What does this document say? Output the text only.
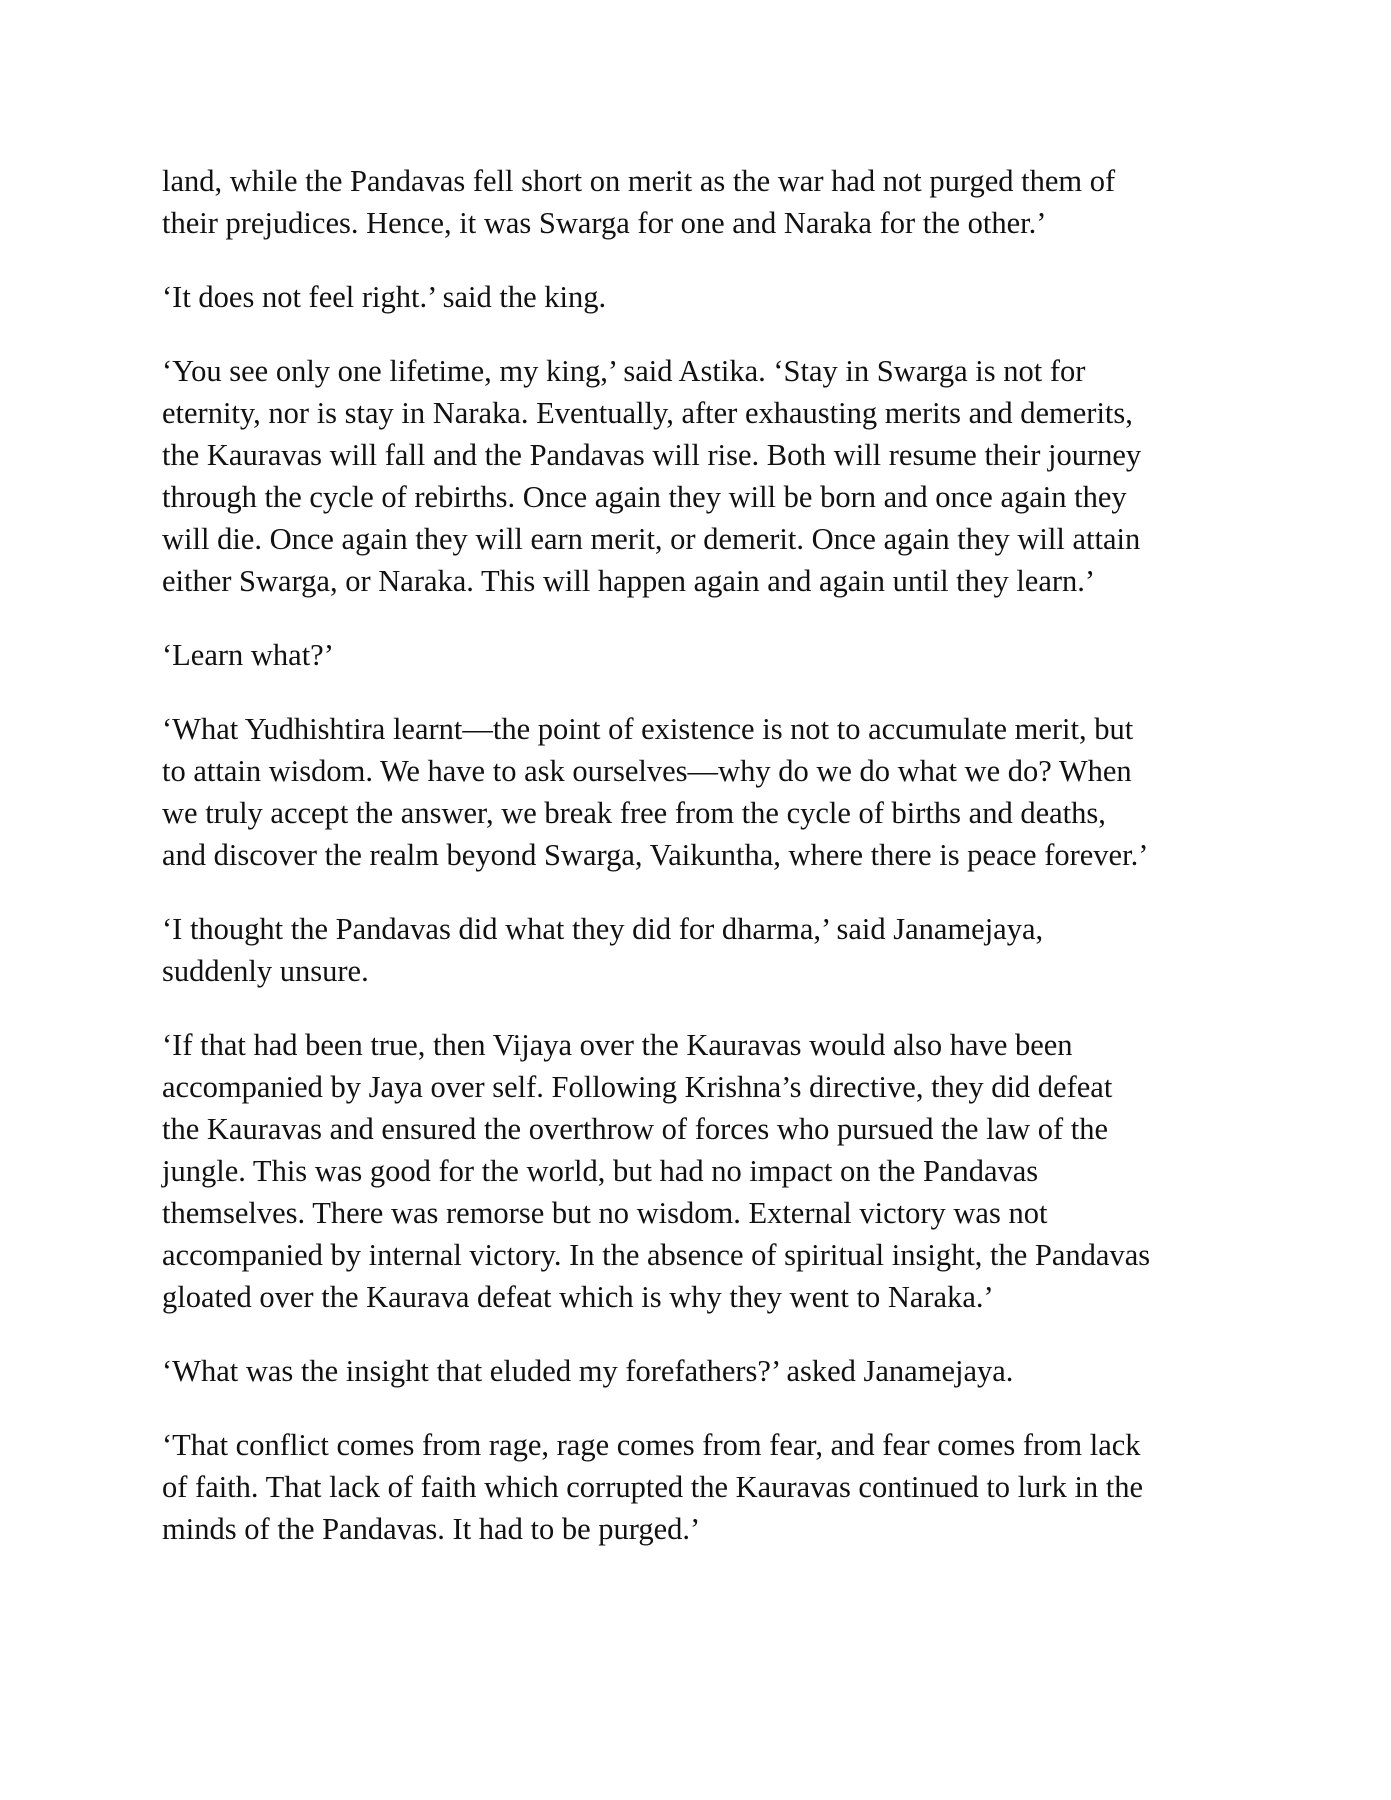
land, while the Pandavas fell short on merit as the war had not purged them of
their prejudices. Hence, it was Swarga for one and Naraka for the other.’

‘It does not feel right.’ said the king.

‘You see only one lifetime, my king,’ said Astika. ‘Stay in Swarga is not for
eternity, nor is stay in Naraka. Eventually, after exhausting merits and demerits,
the Kauravas will fall and the Pandavas will rise. Both will resume their journey
through the cycle of rebirths. Once again they will be born and once again they
will die. Once again they will earn merit, or demerit. Once again they will attain
either Swarga, or Naraka. This will happen again and again until they learn.’

‘Learn what?’

‘What Yudhishtira learnt—the point of existence is not to accumulate merit, but
to attain wisdom. We have to ask ourselves—why do we do what we do? When
we truly accept the answer, we break free from the cycle of births and deaths,
and discover the realm beyond Swarga, Vaikuntha, where there is peace forever.’

‘I thought the Pandavas did what they did for dharma,’ said Janamejaya,
suddenly unsure.

‘If that had been true, then Vijaya over the Kauravas would also have been
accompanied by Jaya over self. Following Krishna’s directive, they did defeat
the Kauravas and ensured the overthrow of forces who pursued the law of the
jungle. This was good for the world, but had no impact on the Pandavas
themselves. There was remorse but no wisdom. External victory was not
accompanied by internal victory. In the absence of spiritual insight, the Pandavas
gloated over the Kaurava defeat which is why they went to Naraka.’

‘What was the insight that eluded my forefathers?’ asked Janamejaya.

‘That conflict comes from rage, rage comes from fear, and fear comes from lack
of faith. That lack of faith which corrupted the Kauravas continued to lurk in the
minds of the Pandavas. It had to be purged.’
